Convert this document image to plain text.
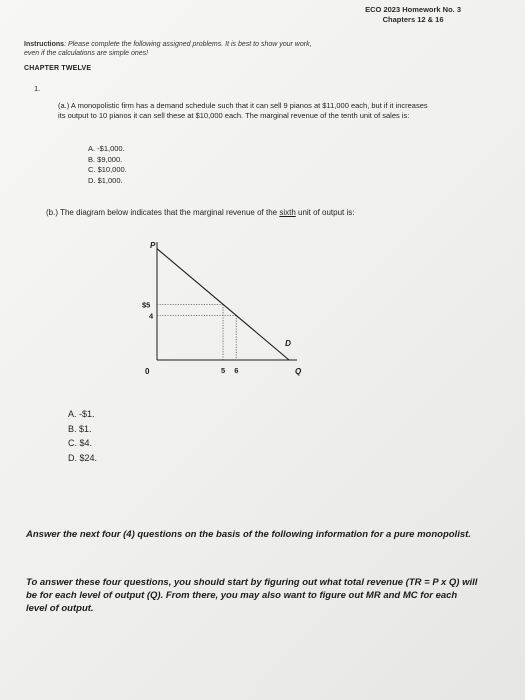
ECO 2023 Homework No. 3
Chapters 12 & 16
Instructions: Please complete the following assigned problems. It is best to show your work,
even if the calculations are simple ones!
CHAPTER TWELVE
1.
(a.) A monopolistic firm has a demand schedule such that it can sell 9 pianos at $11,000 each, but if it increases its output to 10 pianos it can sell these at $10,000 each. The marginal revenue of the tenth unit of sales is:
A. -$1,000.
B. $9,000.
C. $10,000.
D. $1,000.
(b.) The diagram below indicates that the marginal revenue of the sixth unit of output is:
P
Q
0
$5
4
5 6
D
A. -$1.
B. $1.
C. $4.
D. $24.
Answer the next four (4) questions on the basis of the following information for a pure monopolist.
To answer these four questions, you should start by figuring out what total revenue (TR = P x Q) will be for each level of output (Q). From there, you may also want to figure out MR and MC for each level of output.
